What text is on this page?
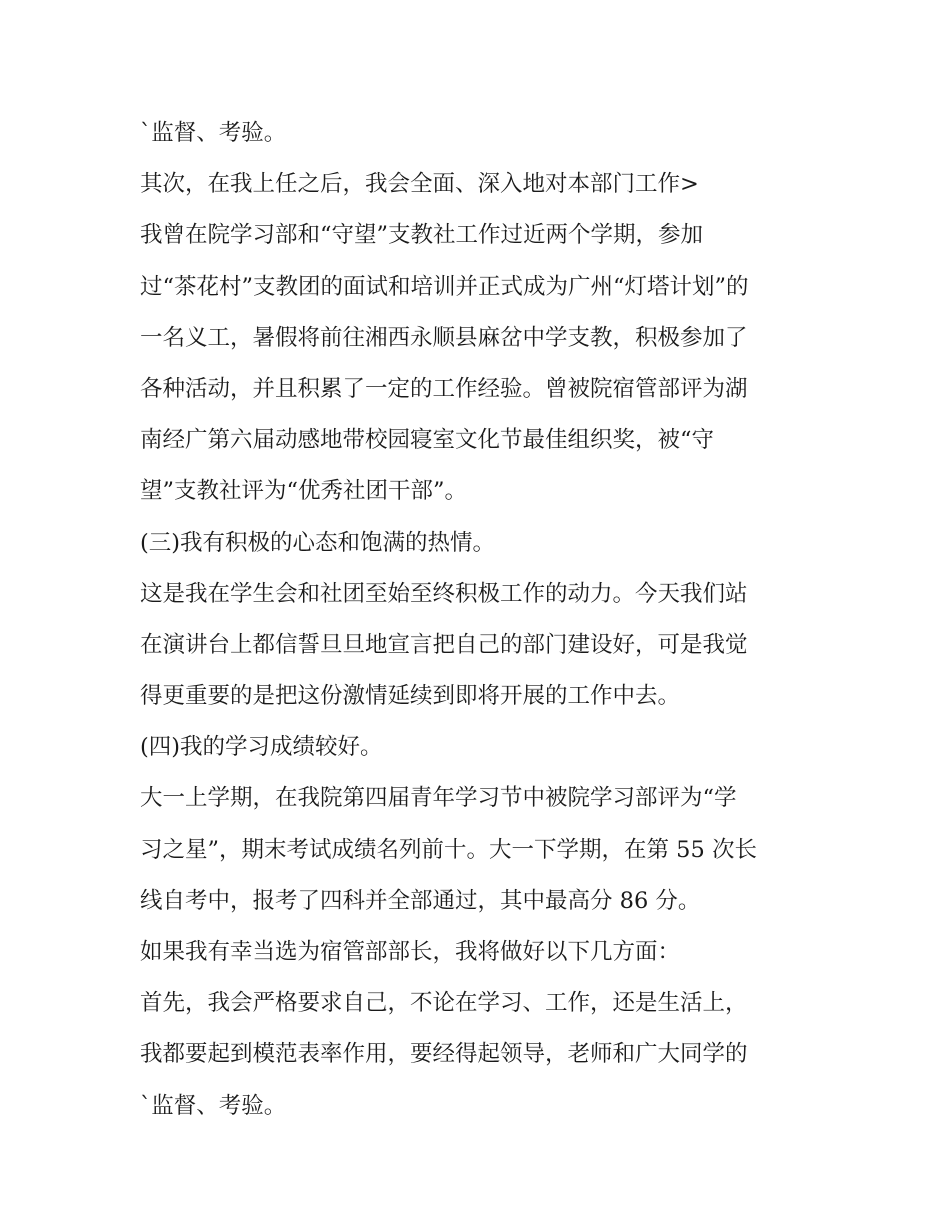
`监督、考验。
其次，在我上任之后，我会全面、深入地对本部门工作>
我曾在院学习部和“守望”支教社工作过近两个学期，参加
过“茶花村”支教团的面试和培训并正式成为广州“灯塔计划”的
一名义工，暑假将前往湘西永顺县麻岔中学支教，积极参加了
各种活动，并且积累了一定的工作经验。曾被院宿管部评为湖
南经广第六届动感地带校园寝室文化节最佳组织奖，被“守
望”支教社评为“优秀社团干部”。
(三)我有积极的心态和饱满的热情。
这是我在学生会和社团至始至终积极工作的动力。今天我们站
在演讲台上都信誓旦旦地宣言把自己的部门建设好，可是我觉
得更重要的是把这份激情延续到即将开展的工作中去。
(四)我的学习成绩较好。
大一上学期，在我院第四届青年学习节中被院学习部评为“学
习之星”，期末考试成绩名列前十。大一下学期，在第 55 次长
线自考中，报考了四科并全部通过，其中最高分 86 分。
如果我有幸当选为宿管部部长，我将做好以下几方面：
首先，我会严格要求自己，不论在学习、工作，还是生活上，
我都要起到模范表率作用，要经得起领导，老师和广大同学的
`监督、考验。
